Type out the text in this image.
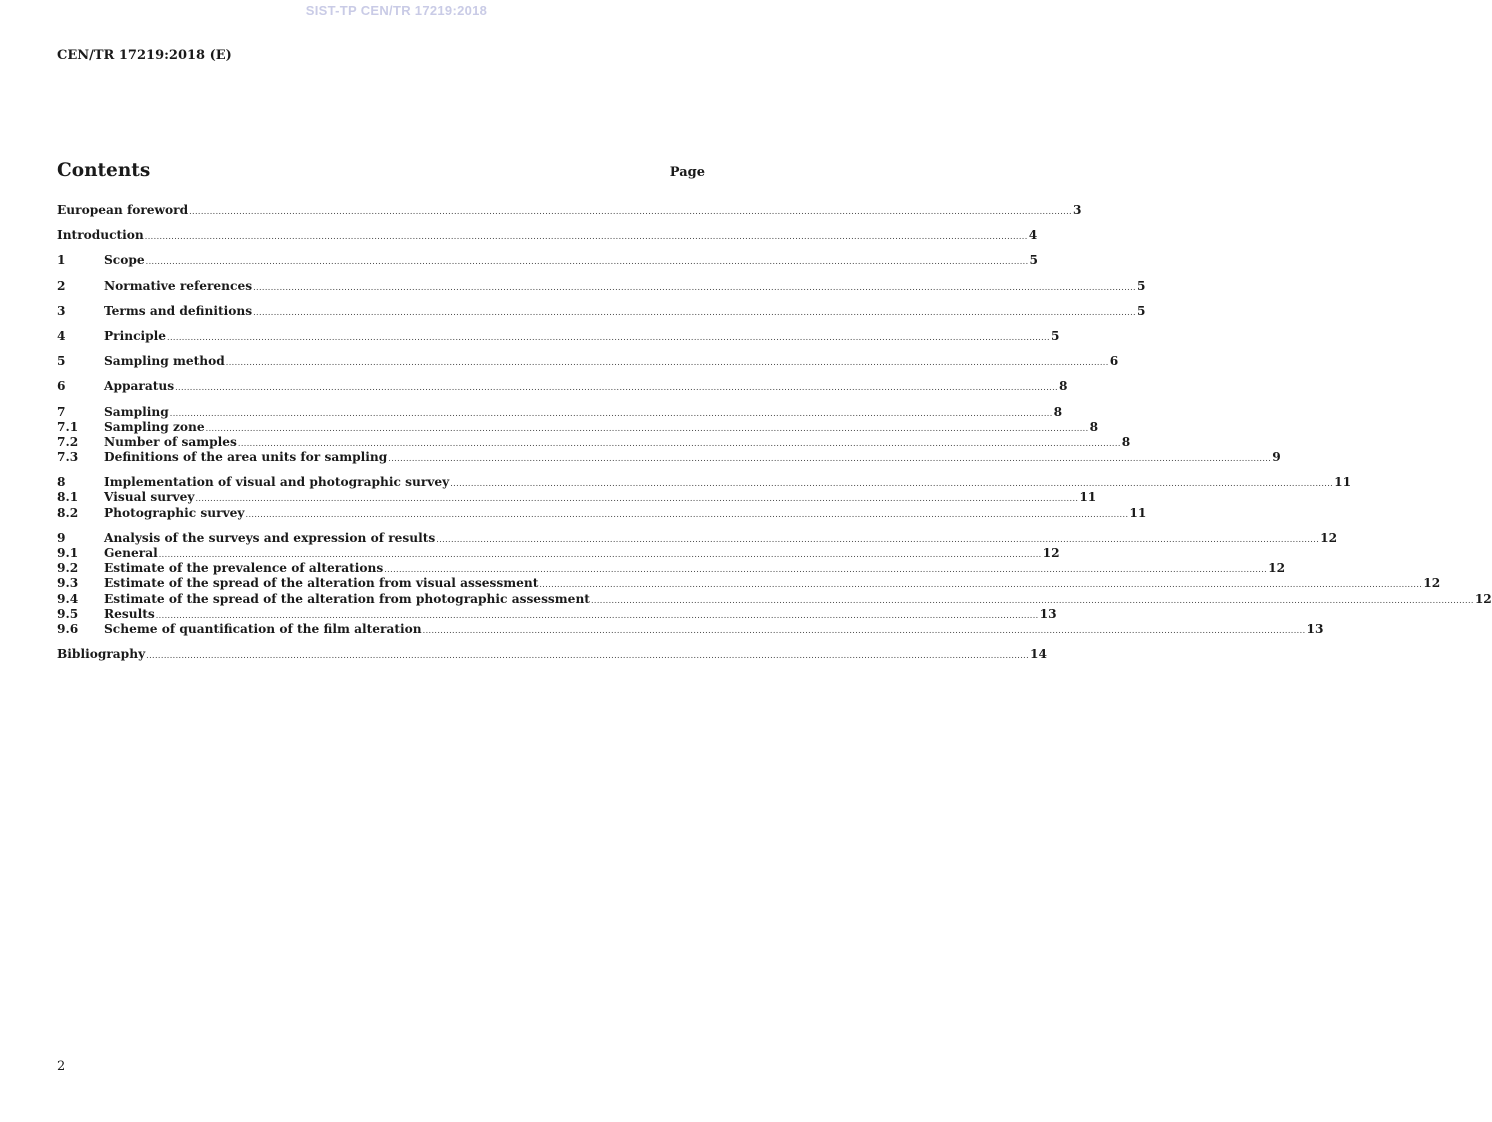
SIST-TP CEN/TR 17219:2018
CEN/TR 17219:2018 (E)
Contents	Page
European foreword ............................................................................................................................................................................................................................................................................................................ 3
Introduction ............................................................................................................................................................................................................................................................................................................ 4
1	Scope ............................................................................................................................................................................................................................................................................................................ 5
2	Normative references ............................................................................................................................................................................................................................................................................................................ 5
3	Terms and definitions ............................................................................................................................................................................................................................................................................................................ 5
4	Principle ............................................................................................................................................................................................................................................................................................................ 5
5	Sampling method ............................................................................................................................................................................................................................................................................................................ 6
6	Apparatus ............................................................................................................................................................................................................................................................................................................ 8
7	Sampling ............................................................................................................................................................................................................................................................................................................ 8
7.1	Sampling zone ............................................................................................................................................................................................................................................................................................................ 8
7.2	Number of samples ............................................................................................................................................................................................................................................................................................................ 8
7.3	Definitions of the area units for sampling ............................................................................................................................................................................................................................................................................................................ 9
8	Implementation of visual and photographic survey ............................................................................................................................................................................................................................................................................................................ 11
8.1	Visual survey ............................................................................................................................................................................................................................................................................................................ 11
8.2	Photographic survey ............................................................................................................................................................................................................................................................................................................ 11
9	Analysis of the surveys and expression of results ............................................................................................................................................................................................................................................................................................................ 12
9.1	General ............................................................................................................................................................................................................................................................................................................ 12
9.2	Estimate of the prevalence of alterations ............................................................................................................................................................................................................................................................................................................ 12
9.3	Estimate of the spread of the alteration from visual assessment ............................................................................................................................................................................................................................................................................................................ 12
9.4	Estimate of the spread of the alteration from photographic assessment ............................................................................................................................................................................................................................................................................................................ 12
9.5	Results ............................................................................................................................................................................................................................................................................................................ 13
9.6	Scheme of quantification of the film alteration ............................................................................................................................................................................................................................................................................................................ 13
Bibliography ............................................................................................................................................................................................................................................................................................................ 14
2
